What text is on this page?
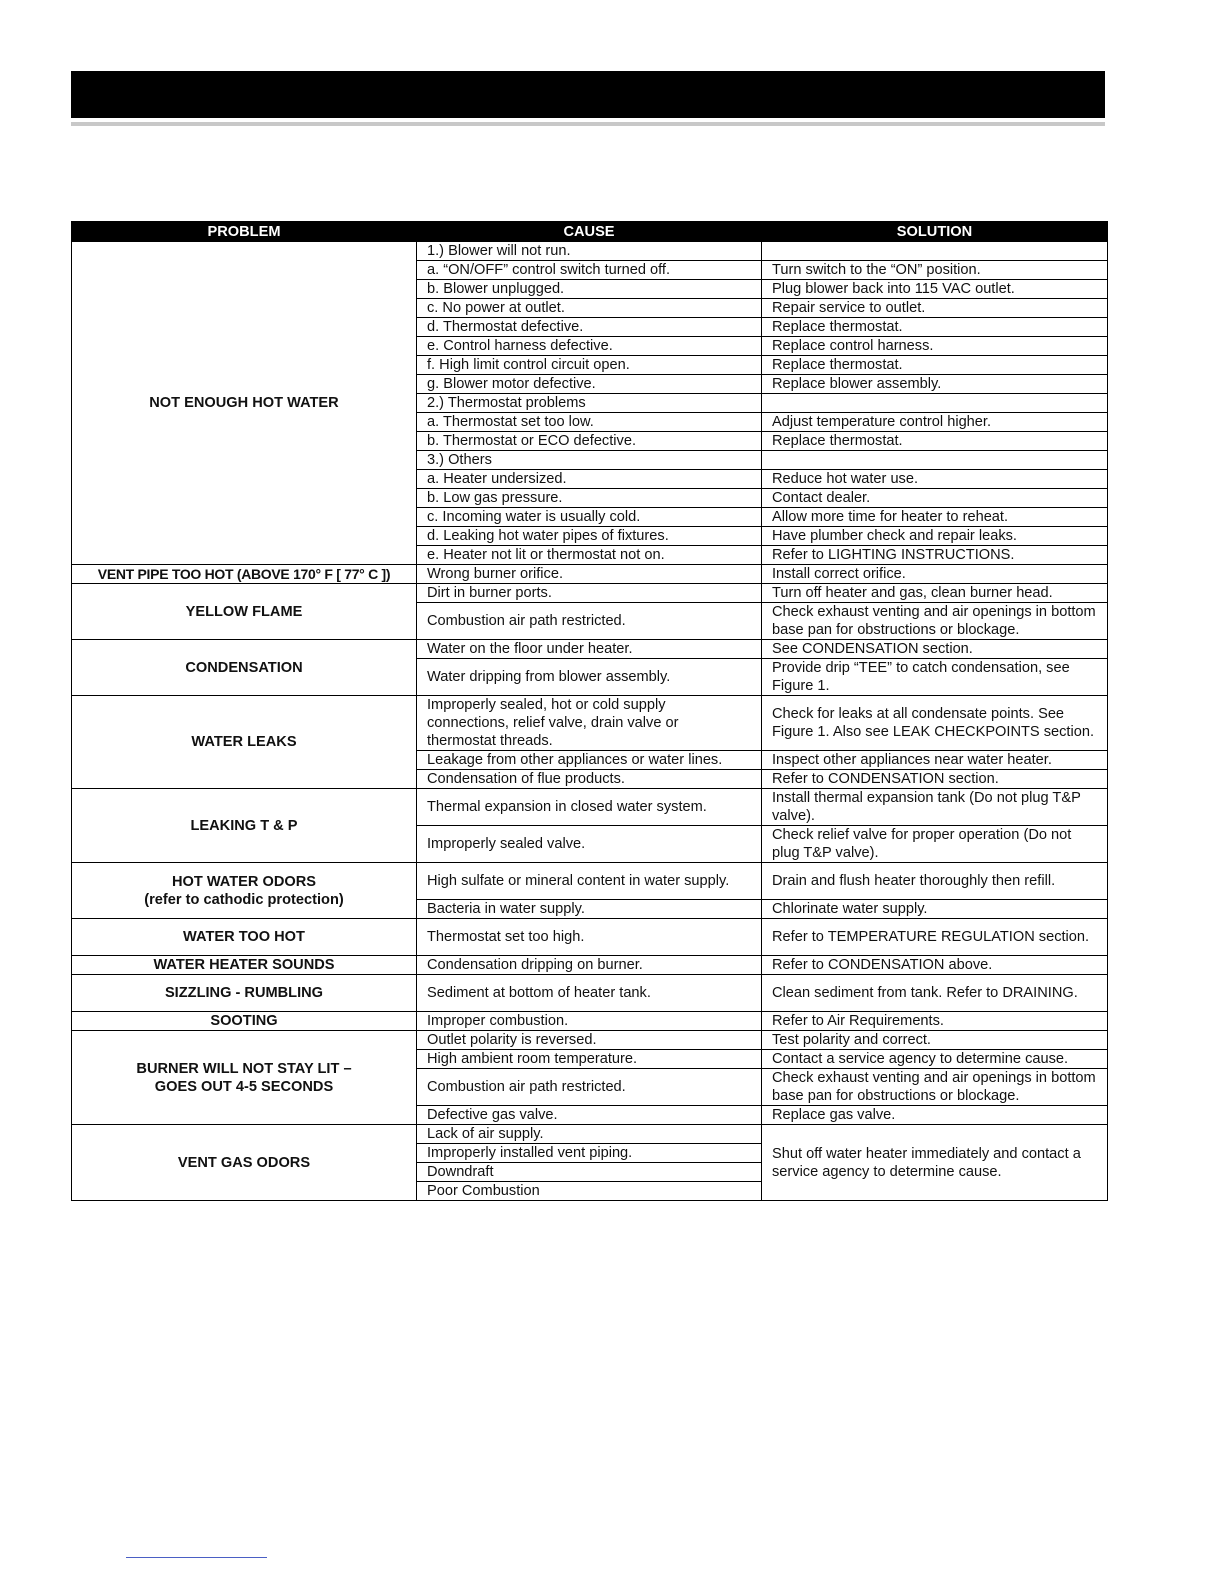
PROBLEM	CAUSE	SOLUTION
NOT ENOUGH HOT WATER	1.) Blower will not run.	
	a. “ON/OFF” control switch turned off.	Turn switch to the “ON” position.
	b. Blower unplugged.	Plug blower back into 115 VAC outlet.
	c. No power at outlet.	Repair service to outlet.
	d. Thermostat defective.	Replace thermostat.
	e. Control harness defective.	Replace control harness.
	f. High limit control circuit open.	Replace thermostat.
	g. Blower motor defective.	Replace blower assembly.
	2.) Thermostat problems	
	a. Thermostat set too low.	Adjust temperature control higher.
	b. Thermostat or ECO defective.	Replace thermostat.
	3.) Others	
	a. Heater undersized.	Reduce hot water use.
	b. Low gas pressure.	Contact dealer.
	c. Incoming water is usually cold.	Allow more time for heater to reheat.
	d. Leaking hot water pipes of fixtures.	Have plumber check and repair leaks.
	e. Heater not lit or thermostat not on.	Refer to LIGHTING INSTRUCTIONS.
VENT PIPE TOO HOT (ABOVE 170° F [ 77° C ])	Wrong burner orifice.	Install correct orifice.
YELLOW FLAME	Dirt in burner ports.	Turn off heater and gas, clean burner head.
	Combustion air path restricted.	Check exhaust venting and air openings in bottom base pan for obstructions or blockage.
CONDENSATION	Water on the floor under heater.	See CONDENSATION section.
	Water dripping from blower assembly.	Provide drip “TEE” to catch condensation, see Figure 1.
WATER LEAKS	Improperly sealed, hot or cold supply connections, relief valve, drain valve or thermostat threads.	Check for leaks at all condensate points. See Figure 1. Also see LEAK CHECKPOINTS section.
	Leakage from other appliances or water lines.	Inspect other appliances near water heater.
	Condensation of flue products.	Refer to CONDENSATION section.
LEAKING T & P	Thermal expansion in closed water system.	Install thermal expansion tank (Do not plug T&P valve).
	Improperly sealed valve.	Check relief valve for proper operation (Do not plug T&P valve).

HOT WATER ODORS
(refer to cathodic protection)	High sulfate or mineral content in water supply.	Drain and flush heater thoroughly then refill.
	Bacteria in water supply.	Chlorinate water supply.
WATER TOO HOT	Thermostat set too high.	Refer to TEMPERATURE REGULATION section.
WATER HEATER SOUNDS	Condensation dripping on burner.	Refer to CONDENSATION above.
SIZZLING - RUMBLING	Sediment at bottom of heater tank.	Clean sediment from tank. Refer to DRAINING.
SOOTING	Improper combustion.	Refer to Air Requirements.

BURNER WILL NOT STAY LIT –
GOES OUT 4-5 SECONDS	Outlet polarity is reversed.	Test polarity and correct.
	High ambient room temperature.	Contact a service agency to determine cause.
	Combustion air path restricted.	Check exhaust venting and air openings in bottom base pan for obstructions or blockage.
	Defective gas valve.	Replace gas valve.
VENT GAS ODORS	Lack of air supply.	Shut off water heater immediately and contact a service agency to determine cause.
	Improperly installed vent piping.	
	Downdraft	
	Poor Combustion	
